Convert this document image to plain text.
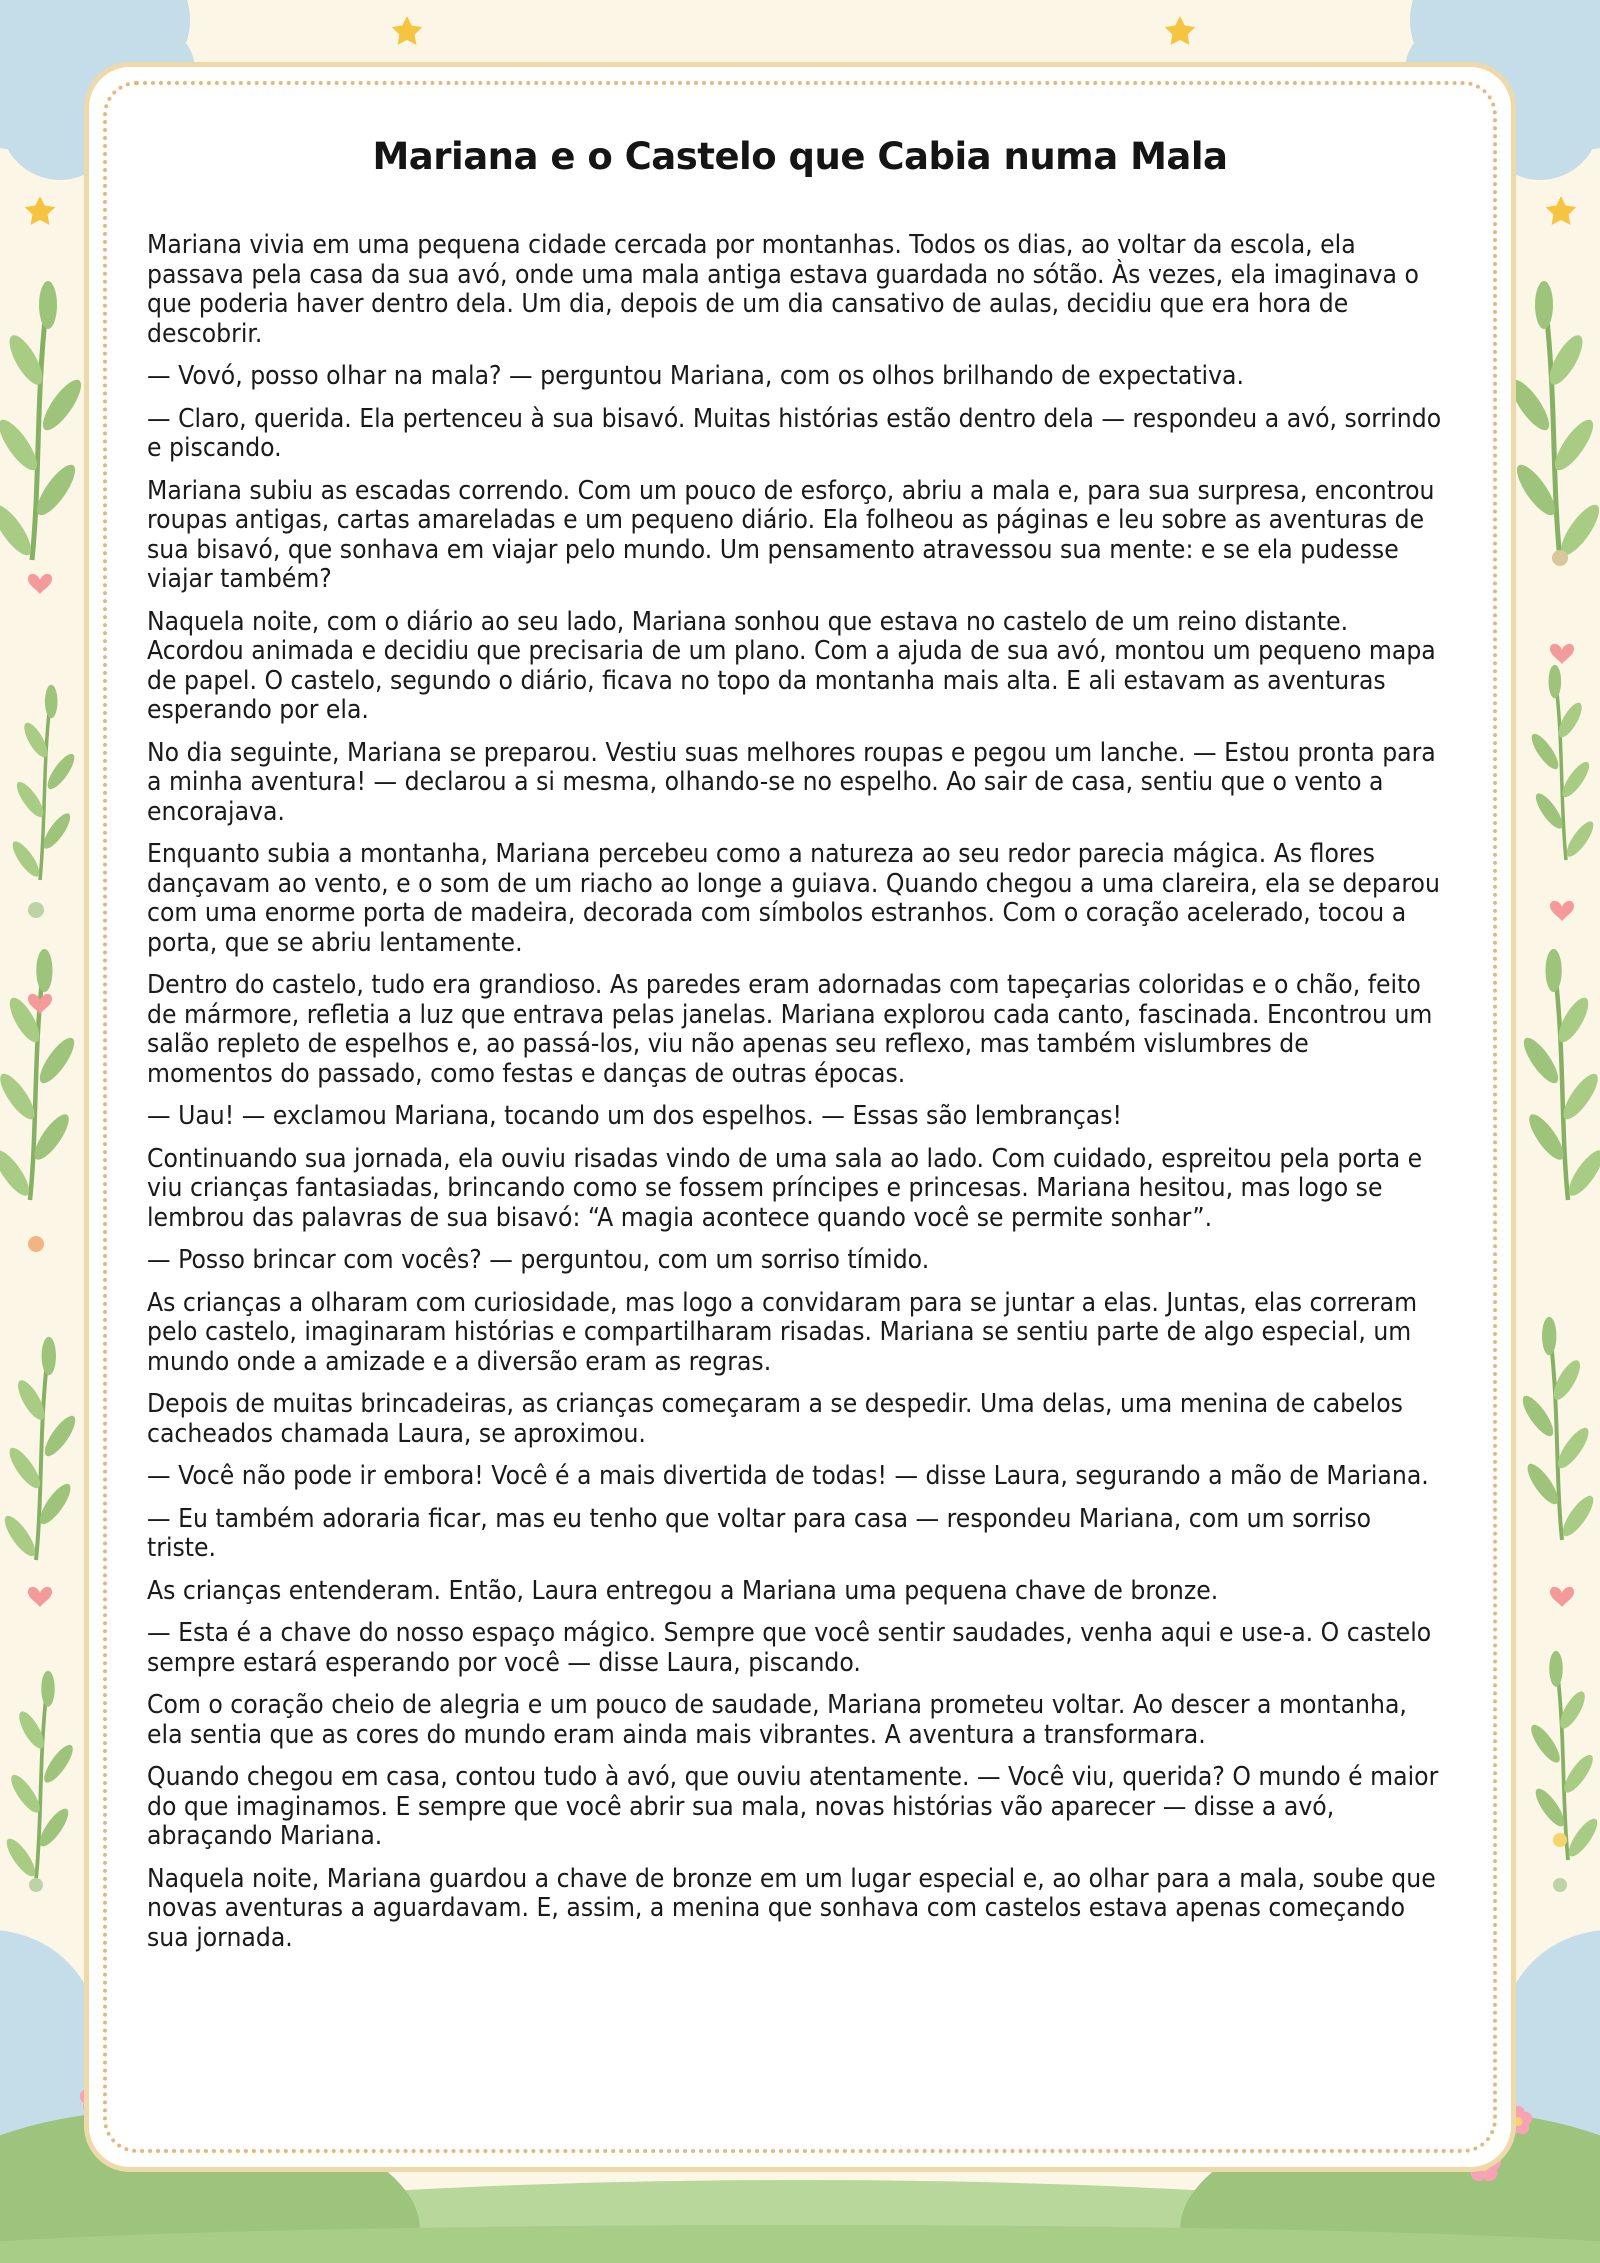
Mariana e o Castelo que Cabia numa Mala

Mariana vivia em uma pequena cidade cercada por montanhas. Todos os dias, ao voltar da escola, ela passava pela casa da sua avó, onde uma mala antiga estava guardada no sótão. Às vezes, ela imaginava o que poderia haver dentro dela. Um dia, depois de um dia cansativo de aulas, decidiu que era hora de descobrir.

— Vovó, posso olhar na mala? — perguntou Mariana, com os olhos brilhando de expectativa.

— Claro, querida. Ela pertenceu à sua bisavó. Muitas histórias estão dentro dela — respondeu a avó, sorrindo e piscando.

Mariana subiu as escadas correndo. Com um pouco de esforço, abriu a mala e, para sua surpresa, encontrou roupas antigas, cartas amareladas e um pequeno diário. Ela folheou as páginas e leu sobre as aventuras de sua bisavó, que sonhava em viajar pelo mundo. Um pensamento atravessou sua mente: e se ela pudesse viajar também?

Naquela noite, com o diário ao seu lado, Mariana sonhou que estava no castelo de um reino distante. Acordou animada e decidiu que precisaria de um plano. Com a ajuda de sua avó, montou um pequeno mapa de papel. O castelo, segundo o diário, ficava no topo da montanha mais alta. E ali estavam as aventuras esperando por ela.

No dia seguinte, Mariana se preparou. Vestiu suas melhores roupas e pegou um lanche. — Estou pronta para a minha aventura! — declarou a si mesma, olhando-se no espelho. Ao sair de casa, sentiu que o vento a encorajava.

Enquanto subia a montanha, Mariana percebeu como a natureza ao seu redor parecia mágica. As flores dançavam ao vento, e o som de um riacho ao longe a guiava. Quando chegou a uma clareira, ela se deparou com uma enorme porta de madeira, decorada com símbolos estranhos. Com o coração acelerado, tocou a porta, que se abriu lentamente.

Dentro do castelo, tudo era grandioso. As paredes eram adornadas com tapeçarias coloridas e o chão, feito de mármore, refletia a luz que entrava pelas janelas. Mariana explorou cada canto, fascinada. Encontrou um salão repleto de espelhos e, ao passá-los, viu não apenas seu reflexo, mas também vislumbres de momentos do passado, como festas e danças de outras épocas.

— Uau! — exclamou Mariana, tocando um dos espelhos. — Essas são lembranças!

Continuando sua jornada, ela ouviu risadas vindo de uma sala ao lado. Com cuidado, espreitou pela porta e viu crianças fantasiadas, brincando como se fossem príncipes e princesas. Mariana hesitou, mas logo se lembrou das palavras de sua bisavó: “A magia acontece quando você se permite sonhar”.

— Posso brincar com vocês? — perguntou, com um sorriso tímido.

As crianças a olharam com curiosidade, mas logo a convidaram para se juntar a elas. Juntas, elas correram pelo castelo, imaginaram histórias e compartilharam risadas. Mariana se sentiu parte de algo especial, um mundo onde a amizade e a diversão eram as regras.

Depois de muitas brincadeiras, as crianças começaram a se despedir. Uma delas, uma menina de cabelos cacheados chamada Laura, se aproximou.

— Você não pode ir embora! Você é a mais divertida de todas! — disse Laura, segurando a mão de Mariana.

— Eu também adoraria ficar, mas eu tenho que voltar para casa — respondeu Mariana, com um sorriso triste.

As crianças entenderam. Então, Laura entregou a Mariana uma pequena chave de bronze.

— Esta é a chave do nosso espaço mágico. Sempre que você sentir saudades, venha aqui e use-a. O castelo sempre estará esperando por você — disse Laura, piscando.

Com o coração cheio de alegria e um pouco de saudade, Mariana prometeu voltar. Ao descer a montanha, ela sentia que as cores do mundo eram ainda mais vibrantes. A aventura a transformara.

Quando chegou em casa, contou tudo à avó, que ouviu atentamente. — Você viu, querida? O mundo é maior do que imaginamos. E sempre que você abrir sua mala, novas histórias vão aparecer — disse a avó, abraçando Mariana.

Naquela noite, Mariana guardou a chave de bronze em um lugar especial e, ao olhar para a mala, soube que novas aventuras a aguardavam. E, assim, a menina que sonhava com castelos estava apenas começando sua jornada.
